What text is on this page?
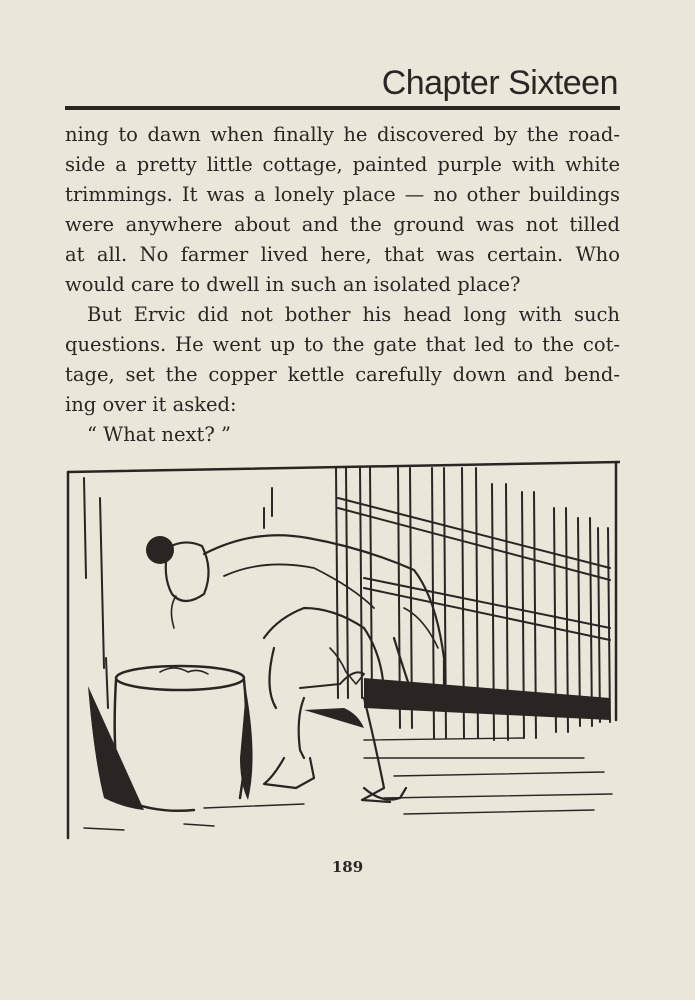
Chapter Sixteen

ning to dawn when finally he discovered by the road-
side a pretty little cottage, painted purple with white
trimmings. It was a lonely place — no other buildings
were anywhere about and the ground was not tilled
at all. No farmer lived here, that was certain. Who
would care to dwell in such an isolated place?

But Ervic did not bother his head long with such

questions. He went up to the gate that led to the cot-
tage, set the copper kettle carefully down and bend-
ing over it asked:

“ What next? ”

189
